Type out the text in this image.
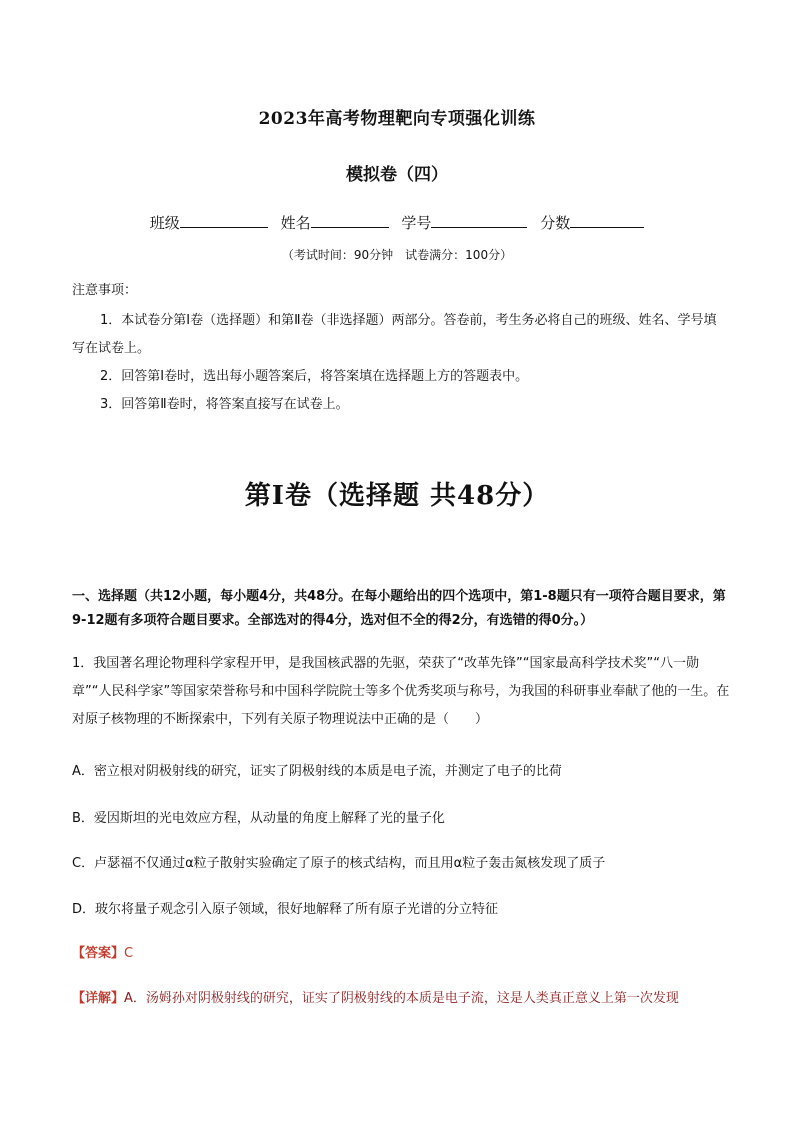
2023年高考物理靶向专项强化训练
模拟卷（四）
班级	姓名	学号	分数
（考试时间：90分钟　试卷满分：100分）
注意事项：

1．本试卷分第Ⅰ卷（选择题）和第Ⅱ卷（非选择题）两部分。答卷前，考生务必将自己的班级、姓名、学号填写在试卷上。

2．回答第Ⅰ卷时，选出每小题答案后，将答案填在选择题上方的答题表中。

3．回答第Ⅱ卷时，将答案直接写在试卷上。

第Ⅰ卷（选择题 共48分）
一、选择题（共12小题，每小题4分，共48分。在每小题给出的四个选项中，第1-8题只有一项符合题目要求，第9-12题有多项符合题目要求。全部选对的得4分，选对但不全的得2分，有选错的得0分。）

1．我国著名理论物理科学家程开甲，是我国核武器的先驱，荣获了“改革先锋”“国家最高科学技术奖”“八一勋章”“人民科学家”等国家荣誉称号和中国科学院院士等多个优秀奖项与称号，为我国的科研事业奉献了他的一生。在对原子核物理的不断探索中，下列有关原子物理说法中正确的是（　　）

A．密立根对阴极射线的研究，证实了阴极射线的本质是电子流，并测定了电子的比荷
B．爱因斯坦的光电效应方程，从动量的角度上解释了光的量子化
C．卢瑟福不仅通过α粒子散射实验确定了原子的核式结构，而且用α粒子轰击氮核发现了质子
D．玻尔将量子观念引入原子领域，很好地解释了所有原子光谱的分立特征
【答案】C
【详解】A．汤姆孙对阴极射线的研究，证实了阴极射线的本质是电子流，这是人类真正意义上第一次发现
